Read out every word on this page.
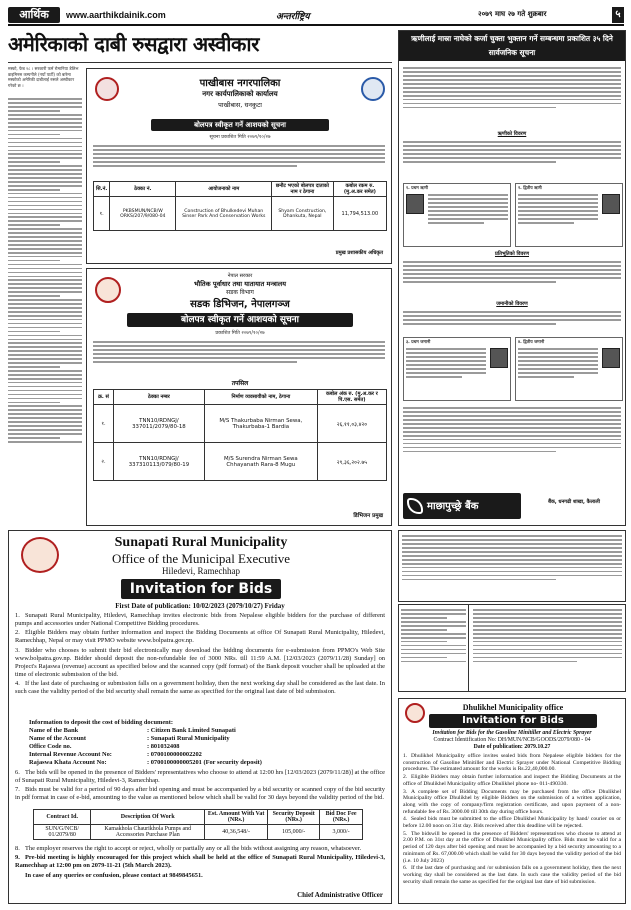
आर्थिक	www.aarthikdainik.com	अन्तर्राष्ट्रिय	२०७९ माघ २७ गते शुक्रबार	५
अमेरिकाको दाबी रुसद्वारा अस्वीकार
मस्को, फेब २८ । सरकारी फर्म रोमानिया डेलिभ डाइमिनस कम्पनीले (नयाँ पार्टी) को बारेमा मस्कोको अमेरिकी दाबीलाई रुसले अस्वीकार गरेको छ ।	पाखीबास नगरपालिका
नगर कार्यपालिकाको कार्यालय
पाखीबास, धनकुटा
बोलपत्र स्वीकृत गर्ने आशयको सूचना
सूचना प्रकाशित मिति २०७९/१०/२७
सि.नं.	ठेक्का नं.	आयोजनाको नाम	छनौट भएको बोलपत्र दाताको नाम र ठेगाना	कबोल रकम रु. (मु.अ.कर समेत)
१.	PKBSMUN/NCB/W ORKS/207/9/080-04	Construction of Bhulkedevi Muhan Sinser Park And Conservation Works	Shyam Construction, Dhankuta, Nepal	11,794,513.00
प्रमुख प्रशासकीय अधिकृत
नेपाल सरकार
भौतिक पूर्वाधार तथा यातायात मन्त्रालय
सडक विभाग
सडक डिभिजन, नेपालगञ्ज
बोलपत्र स्वीकृत गर्ने आशयको सूचना
प्रकाशित मिति २०७९/१०/२७
तपसिल
क्र. सं	ठेक्का नम्बर	निर्माण व्यवसायीको नाम, ठेगाना	कबोल अंक रु. (मु.अ.कर र पि.एस. समेत)
१.	TNN10/RDNGJ/ 337011/2079/80-18	M/S Thakurbaba Nirman Sewa, Thakurbaba-1 Bardia	२६,११,०३,४२०
२.	TNN10/RDNGJ/ 337310113/079/80-19	M/S Surendra Nirman Sewa Chhayanath Rara-8 Mugu	२९,३६,२०२.७५
डिभिजन प्रमुख
ऋणीलाई मास्रा नाघेको कर्जा चुक्ता भुक्तान गर्ने सम्बन्धमा प्रकाशित ३५ दिने सार्वजनिक सूचना
ऋणीको विवरण
१. प्रथम ऋणी	२. द्वितीय ऋणी
प्रतिभूतिको विवरण
जमानीको विवरण
३. प्रथम जमानी	४. द्वितीय जमानी
माछापुच्छ्रे बैंक	बैंक, धनगढी शाखा, कैलाली
Sunapati Rural Municipality
Office of the Municipal Executive
Hiledevi, Ramechhap
Invitation for Bids
First Date of publication: 10/02/2023 (2079/10/27) Friday

1. Sunapati Rural Municipality, Hiledevi, Ramechhap invites electronic bids from Nepalese eligible bidders for the purchase of different pumps and accessories under National Competitive Bidding procedures.

2. Eligible Bidders may obtain further information and inspect the Bidding Documents at office Of Sunapati Rural Municipality, Hiledevi, Ramechhap, Nepal or may visit PPMO website www.bolpatra.gov.np.

3. Bidder who chooses to submit their bid electronically may download the bidding documents for e-submission from PPMO's Web Site www.bolpatra.gov.np. Bidder should deposit the non-refundable fee of 3000 NRs. till 11:59 A.M. [12/03/2023 (2079/11/28) Sunday] on Project's Rajaswa (revenue) account as specified below and the scanned copy (pdf format) of the Bank deposit voucher shall be uploaded at the time of electronic submission of the bid.

4. If the last date of purchasing or submission falls on a government holiday, then the next working day shall be considered as the last date. In such case the validity period of the bid security shall remain the same as specified for the original last date of bid submission.

Information to deposit the cost of bidding document:
Name of the Bank	: Citizen Bank Limited Sunapati
Name of the Account	: Sunapati Rural Municipality
Office Code no.	: 801032408
Internal Revenue Account No:	: 0700100000002202
Rajaswa Khata Account No:	: 0700100000005201 (For security deposit)

6. The bids will be opened in the presence of Bidders' representatives who choose to attend at 12:00 hrs [12/03/2023 (2079/11/28)] at the office of Sunapati Rural Municipality, Hiledevi-3, Ramechhap.

7. Bids must be valid for a period of 90 days after bid opening and must be accompanied by a bid security or scanned copy of the bid security in pdf format in case of e-bid, amounting to the value as mentioned below which shall be valid for 30 days beyond the validity period of the bid.

Contract Id.	Description Of Work	Est. Amount With Vat (NRs.)	Security Deposit (NRs.)	Bid Doc Fee (NRs.)
SUN/G/NCB/ 01/2079/80	Kamakhola Chaurikhola Pumps and Accessories Purchase Plan	40,36,548/-	105,000/-	3,000/-

8. The employer reserves the right to accept or reject, wholly or partially any or all the bids without assigning any reason, whatsoever.

9. Pre-bid meeting is highly encouraged for this project which shall be held at the office of Sunapati Rural Municipality, Hiledevi-3, Ramechhap at 12:00 pm on 2079-11-21 (5th March 2023).

In case of any queries or confusion, please contact at 9849845651.

Chief Administrative Officer
Dhulikhel Municipality office
Invitation for Bids
Invitation for Bids for the Gasoline Minitiller and Electric Sprayer
Contract Identification No: DH/MUN/NCB/GOODS/2079/080 - 04
Date of publication: 2079.10.27

1. Dhulikhel Municipality office invites sealed bids from Nepalese eligible bidders for the construction of Gasoline Minitiller and Electric Sprayer under National Competitive Bidding procedures. The estimated amount for the works is Rs.22,40,000.00.

2. Eligible Bidders may obtain further information and inspect the Bidding Documents at the office of Dhulikhel Municipality office Dhulikhel phone no- 011-490330.

3. A complete set of Bidding Documents may be purchased from the office Dhulikhel Municipality office Dhulikhel by eligible Bidders on the submission of a written application, along with the copy of company/firm registration certificate, and upon payment of a non-refundable fee of Rs. 3000.00 till 30th day during office hours.

4. Sealed bids must be submitted to the office Dhulikhel Municipality by hand/ courier on or before 12.00 noon on 31st day. Bids received after this deadline will be rejected.

5. The bidswill be opened in the presence of Bidders' representatives who choose to attend at 2.00 P.M. on 31st day at the office of Dhulikhel Municipality office. Bids must be valid for a period of 120 days after bid opening and must be accompanied by a bid security amounting to a minimum of Rs. 67,000.00 which shall be valid for 30 days beyond the validity period of the bid (i.e. 10 July 2023)

6. If the last date of purchasing and /or submission falls on a government holiday, then the next working day shall be considered as the last date. In such case the validity period of the bid security shall remain the same as specified for the original last date of bid submission.
